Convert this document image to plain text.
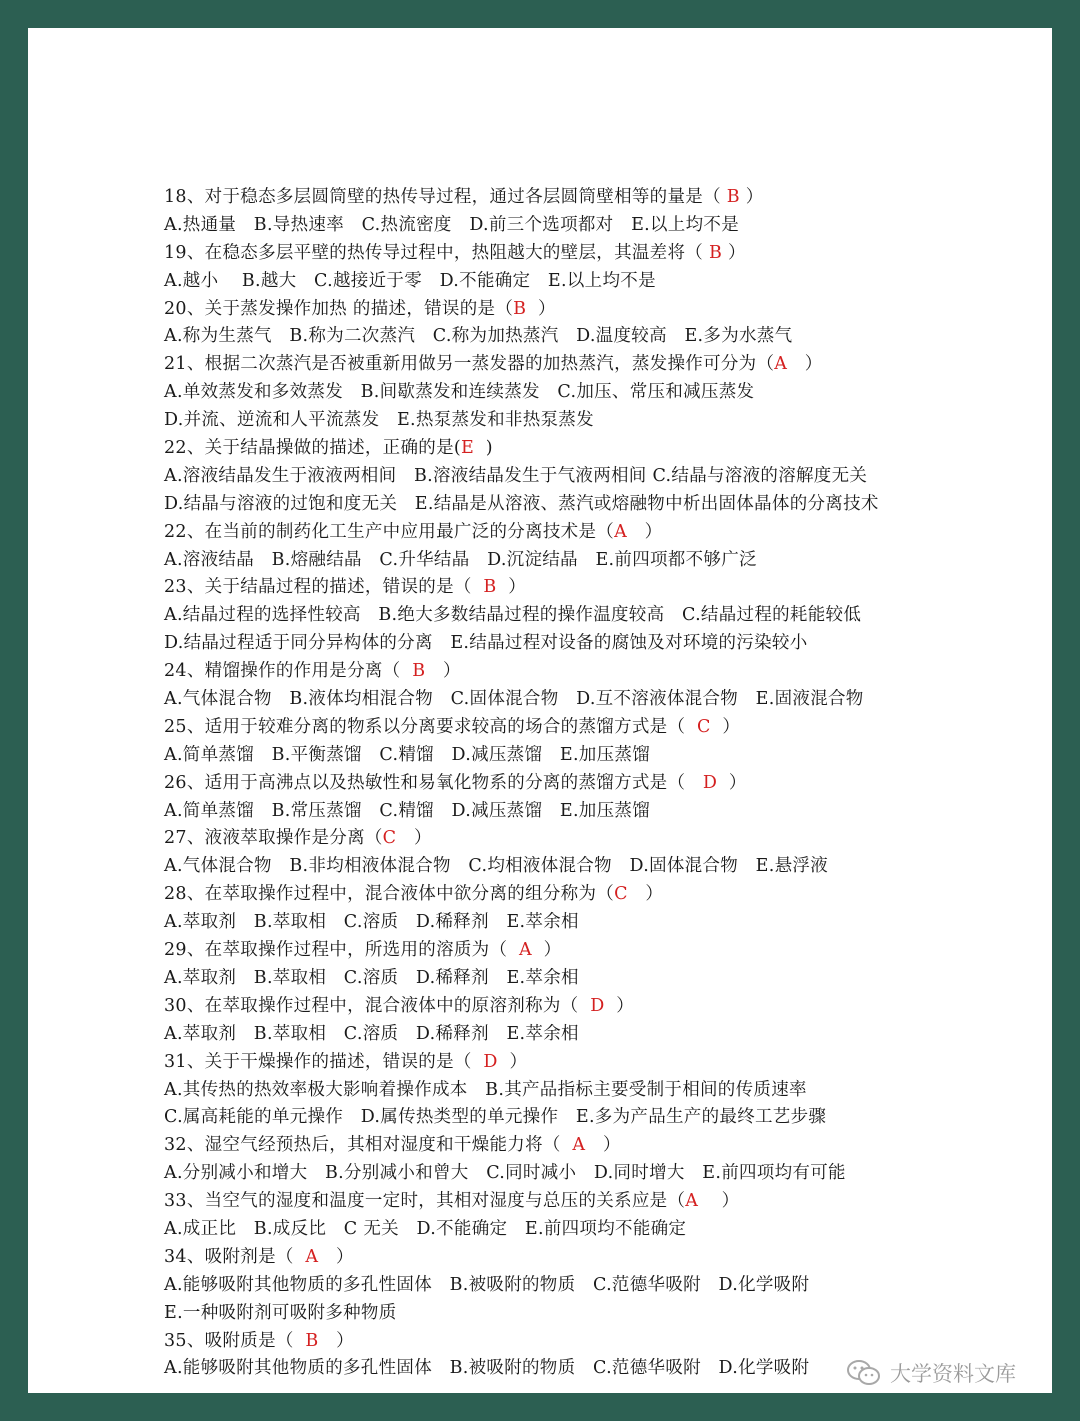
18、对于稳态多层圆筒壁的热传导过程，通过各层圆筒壁相等的量是（ B ）
A.热通量   B.导热速率   C.热流密度   D.前三个选项都对   E.以上均不是
19、在稳态多层平壁的热传导过程中，热阻越大的壁层，其温差将（ B ）
A.越小    B.越大   C.越接近于零   D.不能确定   E.以上均不是
20、关于蒸发操作加热 的描述，错误的是（B  ）
A.称为生蒸气   B.称为二次蒸汽   C.称为加热蒸汽   D.温度较高   E.多为水蒸气
21、根据二次蒸汽是否被重新用做另一蒸发器的加热蒸汽，蒸发操作可分为（A   ）
A.单效蒸发和多效蒸发   B.间歇蒸发和连续蒸发   C.加压、常压和减压蒸发
D.并流、逆流和人平流蒸发   E.热泵蒸发和非热泵蒸发
22、关于结晶操做的描述，正确的是(E  )
A.溶液结晶发生于液液两相间   B.溶液结晶发生于气液两相间 C.结晶与溶液的溶解度无关
D.结晶与溶液的过饱和度无关   E.结晶是从溶液、蒸汽或熔融物中析出固体晶体的分离技术
22、在当前的制药化工生产中应用最广泛的分离技术是（A   ）
A.溶液结晶   B.熔融结晶   C.升华结晶   D.沉淀结晶   E.前四项都不够广泛
23、关于结晶过程的描述，错误的是（  B  ）
A.结晶过程的选择性较高   B.绝大多数结晶过程的操作温度较高   C.结晶过程的耗能较低
D.结晶过程适于同分异构体的分离   E.结晶过程对设备的腐蚀及对环境的污染较小
24、精馏操作的作用是分离（  B   ）
A.气体混合物   B.液体均相混合物   C.固体混合物   D.互不溶液体混合物   E.固液混合物
25、适用于较难分离的物系以分离要求较高的场合的蒸馏方式是（  C  ）
A.简单蒸馏   B.平衡蒸馏   C.精馏   D.减压蒸馏   E.加压蒸馏
26、适用于高沸点以及热敏性和易氧化物系的分离的蒸馏方式是（   D  ）
A.简单蒸馏   B.常压蒸馏   C.精馏   D.减压蒸馏   E.加压蒸馏
27、液液萃取操作是分离（C   ）
A.气体混合物   B.非均相液体混合物   C.均相液体混合物   D.固体混合物   E.悬浮液
28、在萃取操作过程中，混合液体中欲分离的组分称为（C   ）
A.萃取剂   B.萃取相   C.溶质   D.稀释剂   E.萃余相
29、在萃取操作过程中，所选用的溶质为（  A  ）
A.萃取剂   B.萃取相   C.溶质   D.稀释剂   E.萃余相
30、在萃取操作过程中，混合液体中的原溶剂称为（  D  ）
A.萃取剂   B.萃取相   C.溶质   D.稀释剂   E.萃余相
31、关于干燥操作的描述，错误的是（  D  ）
A.其传热的热效率极大影响着操作成本   B.其产品指标主要受制于相间的传质速率
C.属高耗能的单元操作   D.属传热类型的单元操作   E.多为产品生产的最终工艺步骤
32、湿空气经预热后，其相对湿度和干燥能力将（  A   ）
A.分别减小和增大   B.分别减小和曾大   C.同时减小   D.同时增大   E.前四项均有可能
33、当空气的湿度和温度一定时，其相对湿度与总压的关系应是（A    ）
A.成正比   B.成反比   C 无关   D.不能确定   E.前四项均不能确定
34、吸附剂是（  A   ）
A.能够吸附其他物质的多孔性固体   B.被吸附的物质   C.范德华吸附   D.化学吸附
E.一种吸附剂可吸附多种物质
35、吸附质是（  B   ）
A.能够吸附其他物质的多孔性固体   B.被吸附的物质   C.范德华吸附   D.化学吸附	大学资料文库
